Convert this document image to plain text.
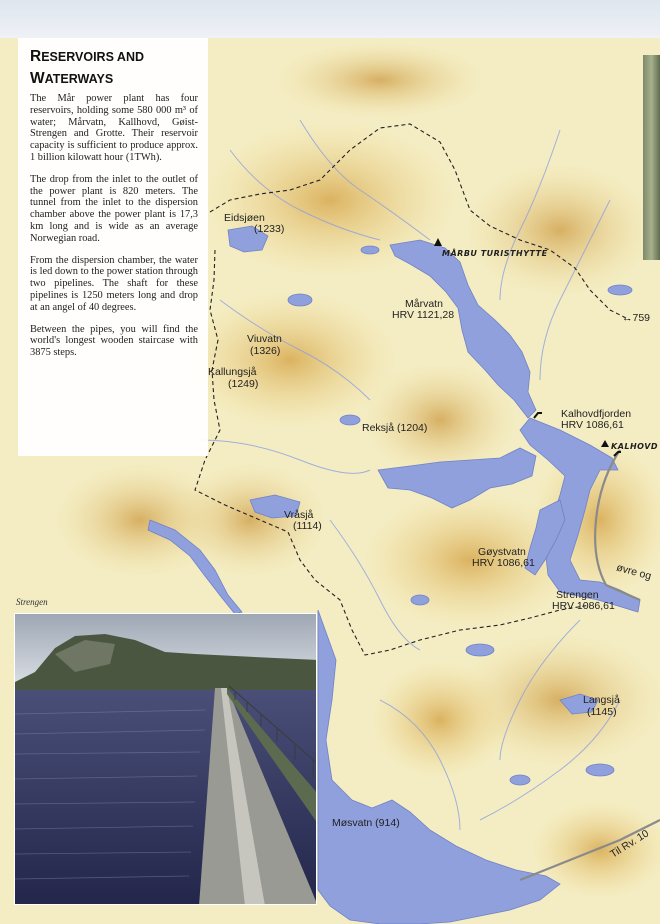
Eidsjøen
(1233)
MÅRBU TURISTHYTTE
Mårvatn
HRV 1121,28	←759
Viuvatn
(1326)
Kallungsjå
(1249)
Reksjå (1204)
Kalhovdfjorden
HRV 1086,61
KALHOVD
Vråsjå
(1114)
Gøystvatn
HRV 1086,61	øvre og
Strengen
HRV 1086,61
Langsjå
(1145)
Møsvatn (914)
Til Rv. 10
RESERVOIRS AND
WATERWAYS

The Mår power plant has four reservoirs, holding some 580 000 m³ of water; Mårvatn, Kallhovd, Gøist-Strengen and Grotte. Their reservoir capacity is sufficient to produce approx. 1 billion kilowatt hour (1TWh).

The drop from the inlet to the outlet of the power plant is 820 meters. The tunnel from the inlet to the dispersion chamber above the power plant is 17,3 km long and is wide as an average Norwegian road.

From the dispersion chamber, the water is led down to the power station through two pipelines. The shaft for these pipelines is 1250 meters long and drop at an angel of 40 degrees.

Between the pipes, you will find the world's longest wooden staircase with 3875 steps.

Strengen
